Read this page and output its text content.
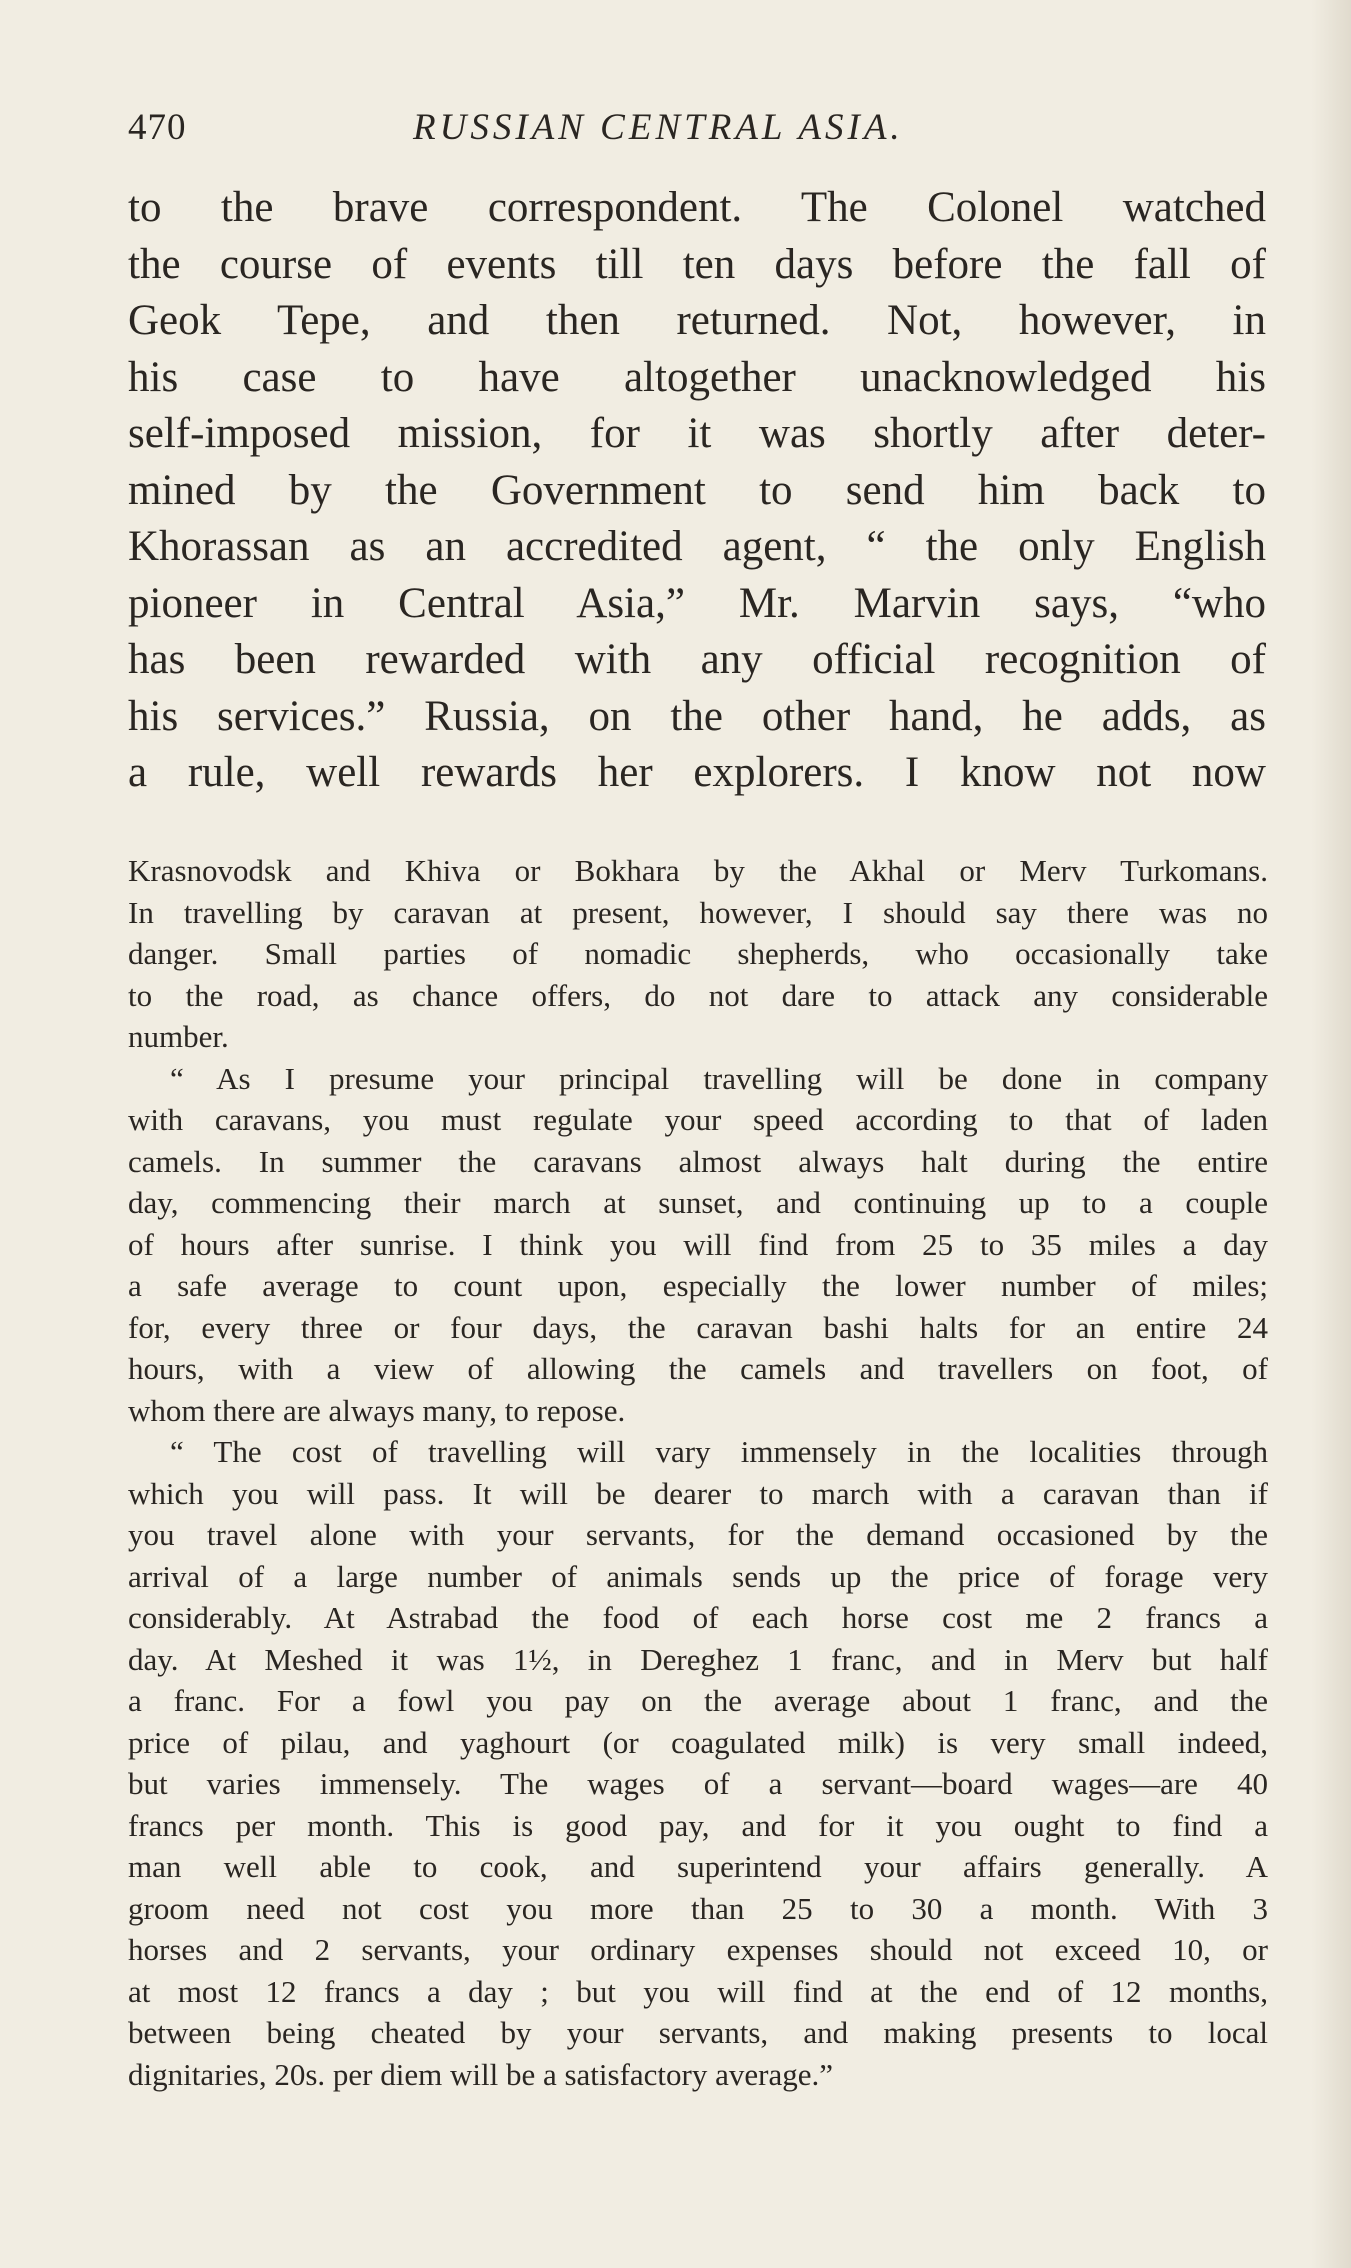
470	RUSSIAN CENTRAL ASIA.
to the brave correspondent. The Colonel watched
the course of events till ten days before the fall of
Geok Tepe, and then returned. Not, however, in
his case to have altogether unacknowledged his
self-imposed mission, for it was shortly after deter-
mined by the Government to send him back to
Khorassan as an accredited agent, “ the only English
pioneer in Central Asia,” Mr. Marvin says, “who
has been rewarded with any official recognition of
his services.” Russia, on the other hand, he adds, as
a rule, well rewards her explorers. I know not now
Krasnovodsk and Khiva or Bokhara by the Akhal or Merv Turkomans.
In travelling by caravan at present, however, I should say there was no
danger. Small parties of nomadic shepherds, who occasionally take
to the road, as chance offers, do not dare to attack any considerable
number.
“ As I presume your principal travelling will be done in company
with caravans, you must regulate your speed according to that of laden
camels. In summer the caravans almost always halt during the entire
day, commencing their march at sunset, and continuing up to a couple
of hours after sunrise. I think you will find from 25 to 35 miles a day
a safe average to count upon, especially the lower number of miles;
for, every three or four days, the caravan bashi halts for an entire 24
hours, with a view of allowing the camels and travellers on foot, of
whom there are always many, to repose.
“ The cost of travelling will vary immensely in the localities through
which you will pass. It will be dearer to march with a caravan than if
you travel alone with your servants, for the demand occasioned by the
arrival of a large number of animals sends up the price of forage very
considerably. At Astrabad the food of each horse cost me 2 francs a
day. At Meshed it was 1½, in Dereghez 1 franc, and in Merv but half
a franc. For a fowl you pay on the average about 1 franc, and the
price of pilau, and yaghourt (or coagulated milk) is very small indeed,
but varies immensely. The wages of a servant—board wages—are 40
francs per month. This is good pay, and for it you ought to find a
man well able to cook, and superintend your affairs generally. A
groom need not cost you more than 25 to 30 a month. With 3
horses and 2 servants, your ordinary expenses should not exceed 10, or
at most 12 francs a day ; but you will find at the end of 12 months,
between being cheated by your servants, and making presents to local
dignitaries, 20s. per diem will be a satisfactory average.”
